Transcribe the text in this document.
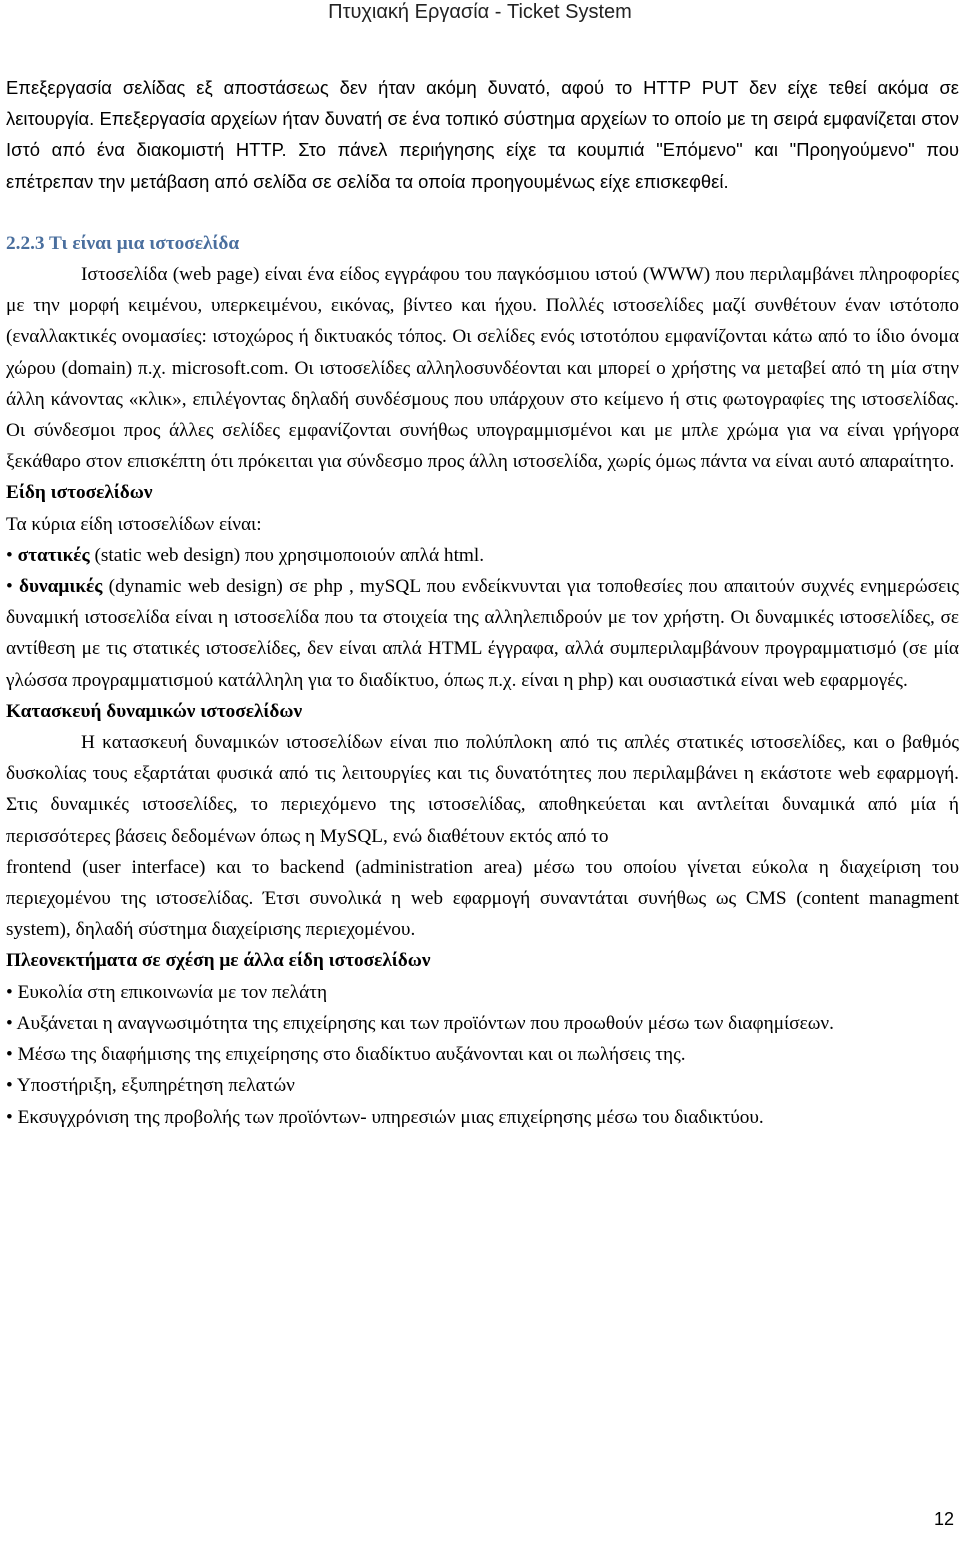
Πτυχιακή Εργασία - Ticket System

Επεξεργασία σελίδας εξ αποστάσεως δεν ήταν ακόμη δυνατό, αφού το HTTP PUT δεν είχε τεθεί ακόμα σε λειτουργία. Επεξεργασία αρχείων ήταν δυνατή σε ένα τοπικό σύστημα αρχείων το οποίο με τη σειρά εμφανίζεται στον Ιστό από ένα διακομιστή HTTP. Στο πάνελ περιήγησης είχε τα κουμπιά "Επόμενο" και "Προηγούμενο" που επέτρεπαν την μετάβαση από σελίδα σε σελίδα τα οποία προηγουμένως είχε επισκεφθεί.

2.2.3 Τι είναι μια ιστοσελίδα

Ιστοσελίδα (web page) είναι ένα είδος εγγράφου του παγκόσμιου ιστού (WWW) που περιλαμβάνει πληροφορίες με την μορφή κειμένου, υπερκειμένου, εικόνας, βίντεο και ήχου. Πολλές ιστοσελίδες μαζί συνθέτουν έναν ιστότοπο (εναλλακτικές ονομασίες: ιστοχώρος ή δικτυακός τόπος. Οι σελίδες ενός ιστοτόπου εμφανίζονται κάτω από το ίδιο όνομα χώρου (domain) π.χ. microsoft.com. Οι ιστοσελίδες αλληλοσυνδέονται και μπορεί ο χρήστης να μεταβεί από τη μία στην άλλη κάνοντας «κλικ», επιλέγοντας δηλαδή συνδέσμους που υπάρχουν στο κείμενο ή στις φωτογραφίες της ιστοσελίδας. Οι σύνδεσμοι προς άλλες σελίδες εμφανίζονται συνήθως υπογραμμισμένοι και με μπλε χρώμα για να είναι γρήγορα ξεκάθαρο στον επισκέπτη ότι πρόκειται για σύνδεσμο προς άλλη ιστοσελίδα, χωρίς όμως πάντα να είναι αυτό απαραίτητο.

Είδη ιστοσελίδων

Τα κύρια είδη ιστοσελίδων είναι:

• στατικές (static web design) που χρησιμοποιούν απλά html.

• δυναμικές (dynamic web design) σε php , mySQL που ενδείκνυνται για τοποθεσίες που απαιτούν συχνές ενημερώσεις δυναμική ιστοσελίδα είναι η ιστοσελίδα που τα στοιχεία της αλληλεπιδρούν με τον χρήστη. Οι δυναμικές ιστοσελίδες, σε αντίθεση με τις στατικές ιστοσελίδες, δεν είναι απλά HTML έγγραφα, αλλά συμπεριλαμβάνουν προγραμματισμό (σε μία γλώσσα προγραμματισμού κατάλληλη για το διαδίκτυο, όπως π.χ. είναι η php) και ουσιαστικά είναι web εφαρμογές.

Κατασκευή δυναμικών ιστοσελίδων

Η κατασκευή δυναμικών ιστοσελίδων είναι πιο πολύπλοκη από τις απλές στατικές ιστοσελίδες, και ο βαθμός δυσκολίας τους εξαρτάται φυσικά από τις λειτουργίες και τις δυνατότητες που περιλαμβάνει η εκάστοτε web εφαρμογή. Στις δυναμικές ιστοσελίδες, το περιεχόμενο της ιστοσελίδας, αποθηκεύεται και αντλείται δυναμικά από μία ή περισσότερες βάσεις δεδομένων όπως η MySQL, ενώ διαθέτουν εκτός από το

frontend (user interface) και το backend (administration area) μέσω του οποίου γίνεται εύκολα η διαχείριση του περιεχομένου της ιστοσελίδας. Έτσι συνολικά η web εφαρμογή συναντάται συνήθως ως CMS (content managment system), δηλαδή σύστημα διαχείρισης περιεχομένου.

Πλεονεκτήματα σε σχέση με άλλα είδη ιστοσελίδων

• Ευκολία στη επικοινωνία με τον πελάτη

• Αυξάνεται η αναγνωσιμότητα της επιχείρησης και των προϊόντων που προωθούν μέσω των διαφημίσεων.

• Μέσω της διαφήμισης της επιχείρησης στο διαδίκτυο αυξάνονται και οι πωλήσεις της.

• Υποστήριξη, εξυπηρέτηση πελατών

• Εκσυγχρόνιση της προβολής των προϊόντων- υπηρεσιών μιας επιχείρησης μέσω του διαδικτύου.

12
